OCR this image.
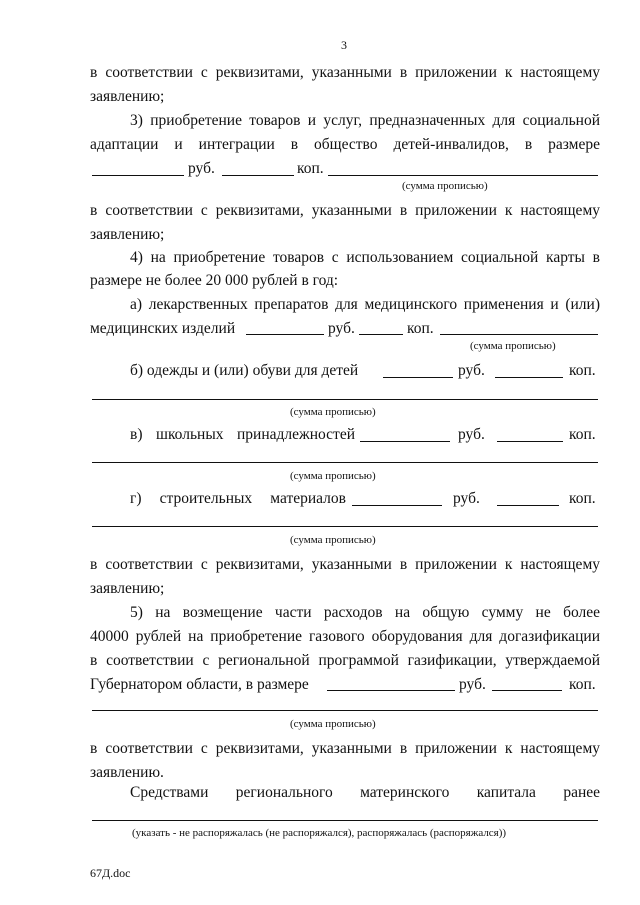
3
в соответствии с реквизитами, указанными в приложении к настоящему
заявлению;
3) приобретение товаров и услуг, предназначенных для социальной
адаптации и интеграции в общество детей-инвалидов, в размере
руб.	коп.
(сумма прописью)
в соответствии с реквизитами, указанными в приложении к настоящему
заявлению;
4) на приобретение товаров с использованием социальной карты в
размере не более 20 000 рублей в год:
а) лекарственных препаратов для медицинского применения и (или)
медицинских изделий	руб.	коп.
(сумма прописью)
б) одежды и (или) обуви для детей	руб.	коп.
(сумма прописью)
в) школьных принадлежностей	руб.	коп.
(сумма прописью)
г) строительных материалов	руб.	коп.
(сумма прописью)
в соответствии с реквизитами, указанными в приложении к настоящему
заявлению;
5) на возмещение части расходов на общую сумму не более
40000 рублей на приобретение газового оборудования для догазификации
в соответствии с региональной программой газификации, утверждаемой
Губернатором области, в размере	руб.	коп.
(сумма прописью)
в соответствии с реквизитами, указанными в приложении к настоящему
заявлению.
Средствами регионального материнского капитала ранее
(указать - не распоряжалась (не распоряжался), распоряжалась (распоряжался))
67Д.doc
